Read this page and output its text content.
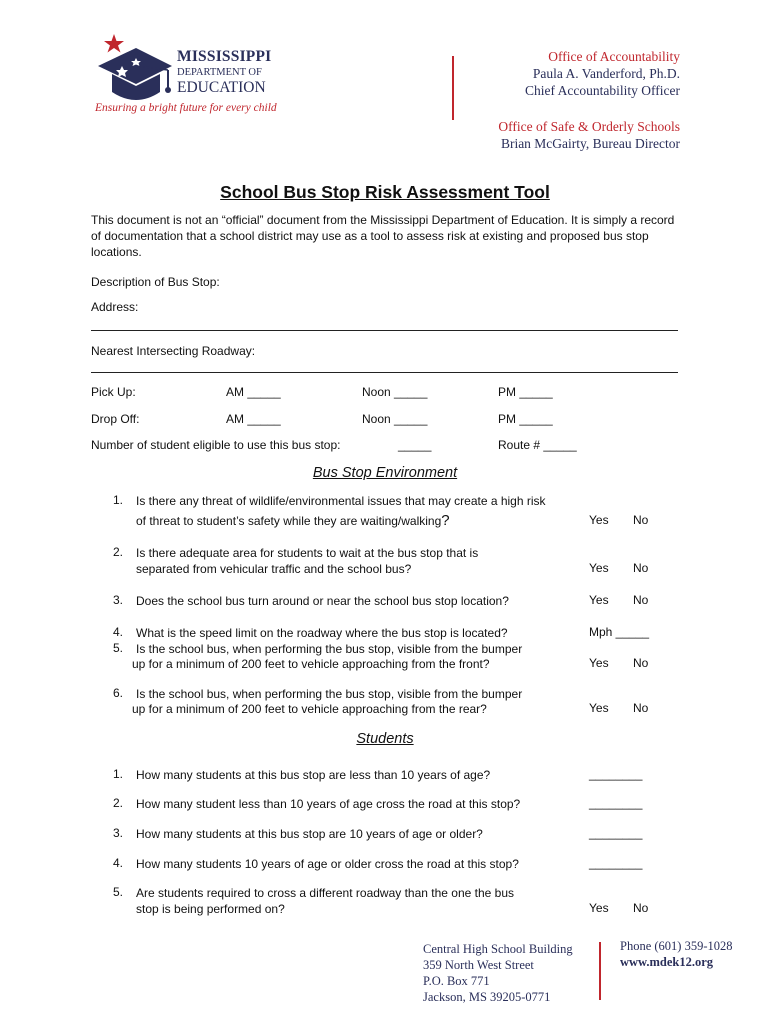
MISSISSIPPI
DEPARTMENT OF
EDUCATION
Ensuring a bright future for every child
Office of Accountability
Paula A. Vanderford, Ph.D.
Chief Accountability Officer
Office of Safe & Orderly Schools
Brian McGairty, Bureau Director
School Bus Stop Risk Assessment Tool
This document is not an “official” document from the Mississippi Department of Education. It is simply a record of documentation that a school district may use as a tool to assess risk at existing and proposed bus stop locations.
Description of Bus Stop:
Address:
Nearest Intersecting Roadway:
Pick Up:	AM _____	Noon _____	PM _____
Drop Off:	AM _____	Noon _____	PM _____
Number of student eligible to use this bus stop:	_____	Route # _____
Bus Stop Environment
1. Is there any threat of wildlife/environmental issues that may create a high risk
of threat to student’s safety while they are waiting/walking?	Yes No
2. Is there adequate area for students to wait at the bus stop that is
separated from vehicular traffic and the school bus?	Yes No
3. Does the school bus turn around or near the school bus stop location?	Yes No
4. What is the speed limit on the roadway where the bus stop is located?	Mph _____
5. Is the school bus, when performing the bus stop, visible from the bumper
up for a minimum of 200 feet to vehicle approaching from the front?	Yes No
6. Is the school bus, when performing the bus stop, visible from the bumper
up for a minimum of 200 feet to vehicle approaching from the rear?	Yes No
Students
1. How many students at this bus stop are less than 10 years of age?	________
2. How many student less than 10 years of age cross the road at this stop?	________
3. How many students at this bus stop are 10 years of age or older?	________
4. How many students 10 years of age or older cross the road at this stop?	________
5. Are students required to cross a different roadway than the one the bus
stop is being performed on?	Yes No
Central High School Building
359 North West Street
P.O. Box 771
Jackson, MS 39205-0771
Phone (601) 359-1028
www.mdek12.org
